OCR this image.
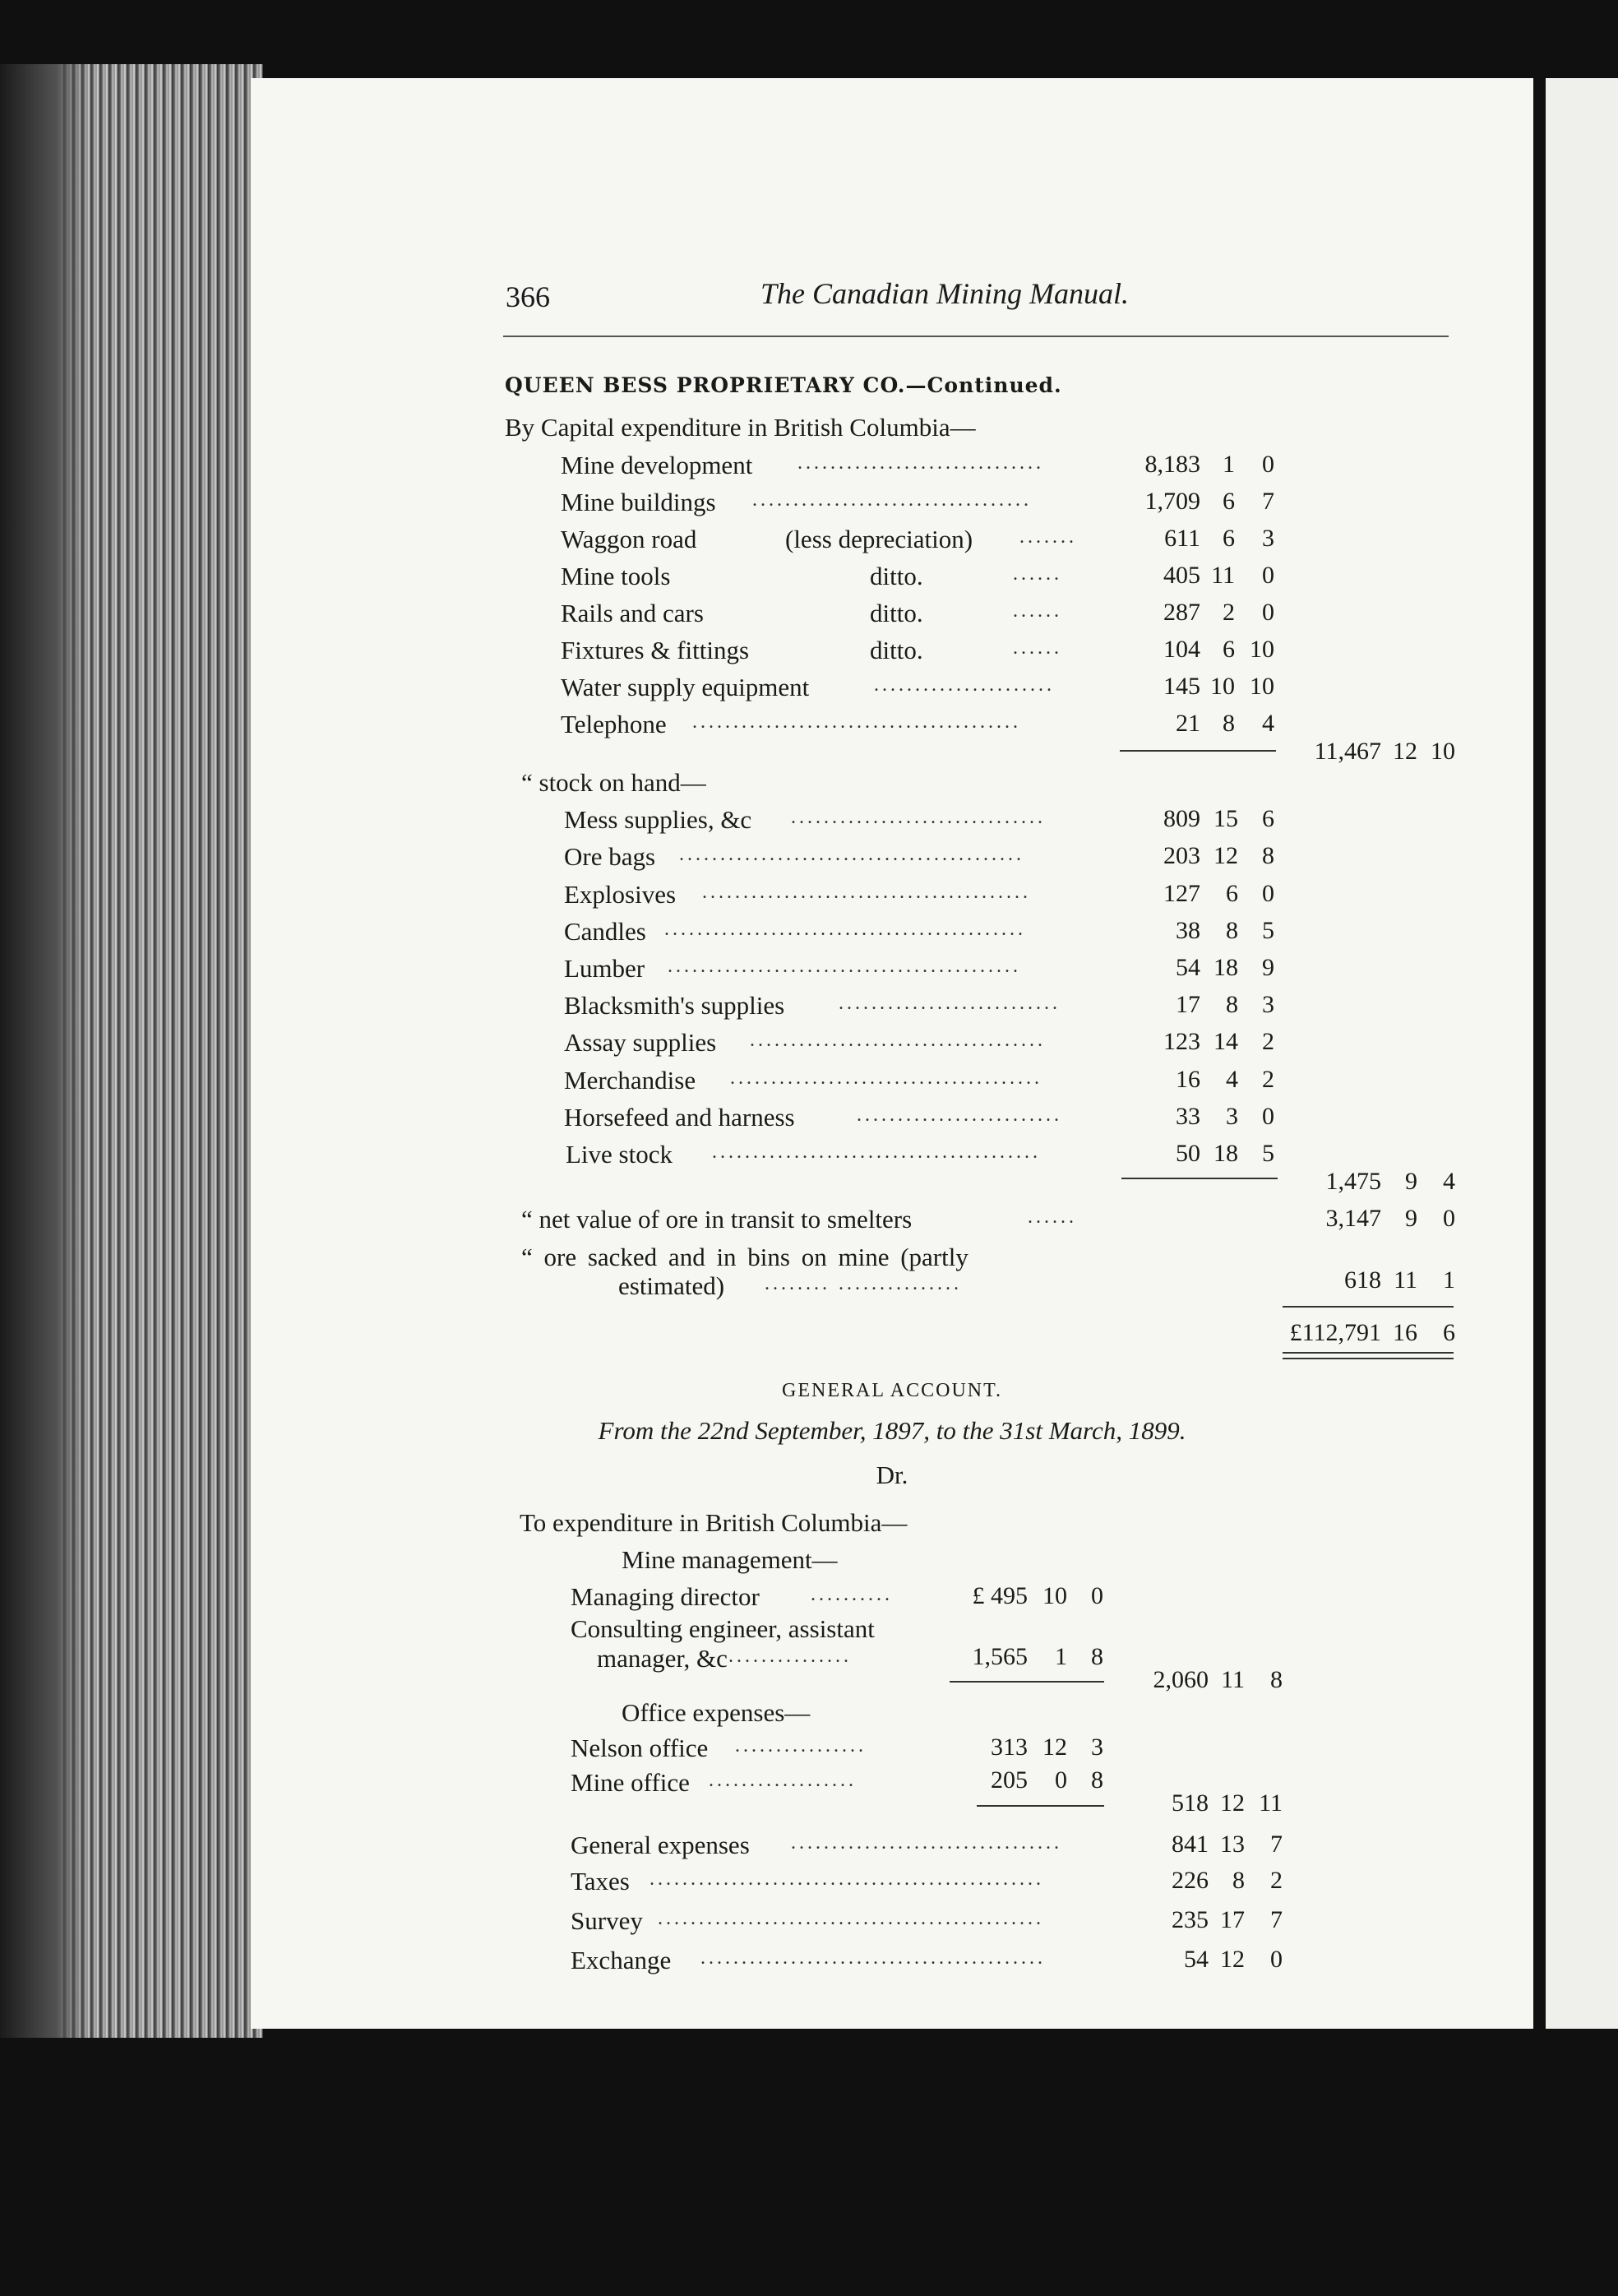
366	The Canadian Mining Manual.
QUEEN BESS PROPRIETARY CO.—Continued.
By Capital expenditure in British Columbia—
Mine development ..............................	8,183 1	0
Mine buildings ..................................	1,709 6	7
Waggon road	(less depreciation) .......	611 6	3
Mine tools	ditto.	......	405 11	0
Rails and cars	ditto.	......	287 2	0
Fixtures & fittings	ditto.	......	104 6 10
Water supply equipment	......................	145 10 10
Telephone ........................................	21 8	4
11,467 12 10
“ stock on hand—
Mess supplies, &c ...............................	809 15 6
Ore bags ..........................................	203 12 8
Explosives ........................................	127	6 0
Candles ............................................	38	8 5
Lumber ...........................................	54 18 9
Blacksmith's supplies	...........................	17	8 3
Assay supplies ....................................	123 14 2
Merchandise ......................................	16	4 2
Horsefeed and harness	.........................	33	3 0
Live stock ........................................	50 18 5
1,475 9	4
“ net value of ore in transit to smelters	......	3,147 9	0
“ ore sacked and in bins on mine (partly
estimated) ........ ...............	618 11	1
£112,791 16	6
GENERAL ACCOUNT.
From the 22nd September, 1897, to the 31st March, 1899.
Dr.
To expenditure in British Columbia—
Mine management—
Managing director	..........	£ 495 10 0
Consulting engineer, assistant
manager, &c ...............	1,565	1 8
2,060 11	8
Office expenses—
Nelson office ................	313 12 3
Mine office ..................	205	0 8
518 12 11
General expenses .................................	841 13	7
Taxes ................................................	226 8	2
Survey ...............................................	235 17	7
Exchange ..........................................	54 12	0
